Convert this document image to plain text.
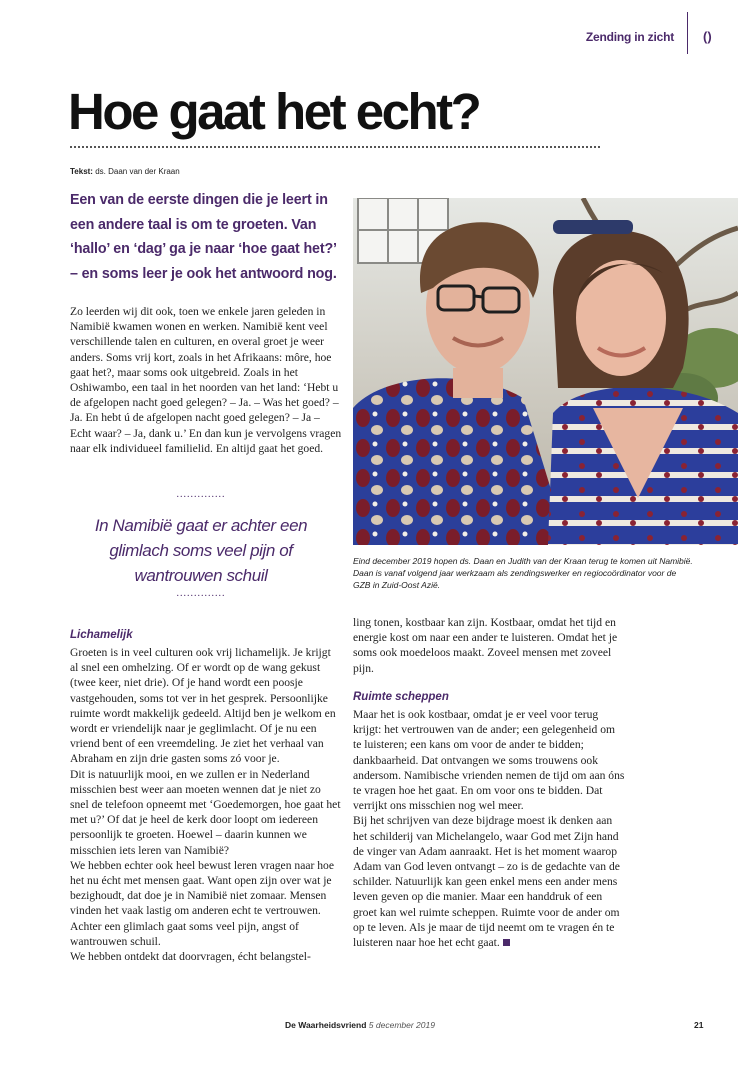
Zending in zicht ()
Hoe gaat het echt?
Tekst: ds. Daan van der Kraan

Een van de eerste dingen die je leert in een andere taal is om te groeten. Van ‘hallo’ en ‘dag’ ga je naar ‘hoe gaat het?’ – en soms leer je ook het antwoord nog.

Zo leerden wij dit ook, toen we enkele jaren geleden in Namibië kwamen wonen en werken. Namibië kent veel verschillende talen en culturen, en overal groet je weer anders. Soms vrij kort, zoals in het Afrikaans: môre, hoe gaat het?, maar soms ook uitgebreid. Zoals in het Oshiwambo, een taal in het noorden van het land: ‘Hebt u de afgelopen nacht goed gelegen? – Ja. – Was het goed? – Ja. En hebt ú de afgelopen nacht goed gelegen? – Ja – Echt waar? – Ja, dank u.’ En dan kun je vervolgens vragen naar elk individueel familielid. En altijd gaat het goed.

..............

In Namibië gaat er achter een glimlach soms veel pijn of wantrouwen schuil

..............

Lichamelijk

Groeten is in veel culturen ook vrij lichamelijk. Je krijgt al snel een omhelzing. Of er wordt op de wang gekust (twee keer, niet drie). Of je hand wordt een poosje vastgehouden, soms tot ver in het gesprek. Persoonlijke ruimte wordt makkelijk gedeeld. Altijd ben je welkom en wordt er vriendelijk naar je geglimlacht. Of je nu een vriend bent of een vreemdeling. Je ziet het verhaal van Abraham en zijn drie gasten soms zó voor je.
Dit is natuurlijk mooi, en we zullen er in Nederland misschien best weer aan moeten wennen dat je niet zo snel de telefoon opneemt met ‘Goedemorgen, hoe gaat het met u?’ Of dat je heel de kerk door loopt om iedereen persoonlijk te groeten. Hoewel – daarin kunnen we misschien iets leren van Namibië?
We hebben echter ook heel bewust leren vragen naar hoe het nu écht met mensen gaat. Want open zijn over wat je bezighoudt, dat doe je in Namibië niet zomaar. Mensen vinden het vaak lastig om anderen echt te vertrouwen. Achter een glimlach gaat soms veel pijn, angst of wantrouwen schuil.
We hebben ontdekt dat doorvragen, écht belangstel-

ling tonen, kostbaar kan zijn. Kostbaar, omdat het tijd en energie kost om naar een ander te luisteren. Omdat het je soms ook moedeloos maakt. Zoveel mensen met zoveel pijn.

Ruimte scheppen

Maar het is ook kostbaar, omdat je er veel voor terug krijgt: het vertrouwen van de ander; een gelegenheid om te luisteren; een kans om voor de ander te bidden; dankbaarheid. Dat ontvangen we soms trouwens ook andersom. Namibische vrienden nemen de tijd om aan óns te vragen hoe het gaat. En om voor ons te bidden. Dat verrijkt ons misschien nog wel meer.
Bij het schrijven van deze bijdrage moest ik denken aan het schilderij van Michelangelo, waar God met Zijn hand de vinger van Adam aanraakt. Het is het moment waarop Adam van God leven ontvangt – zo is de gedachte van de schilder. Natuurlijk kan geen enkel mens een ander mens leven geven op die manier. Maar een handdruk of een groet kan wel ruimte scheppen. Ruimte voor de ander om op te leven. Als je maar de tijd neemt om te vragen én te luisteren naar hoe het echt gaat.

Eind december 2019 hopen ds. Daan en Judith van der Kraan terug te komen uit Namibië. Daan is vanaf volgend jaar werkzaam als zendingswerker en regiocoördinator voor de GZB in Zuid-Oost Azië.

De Waarheidsvriend 5 december 2019	21
